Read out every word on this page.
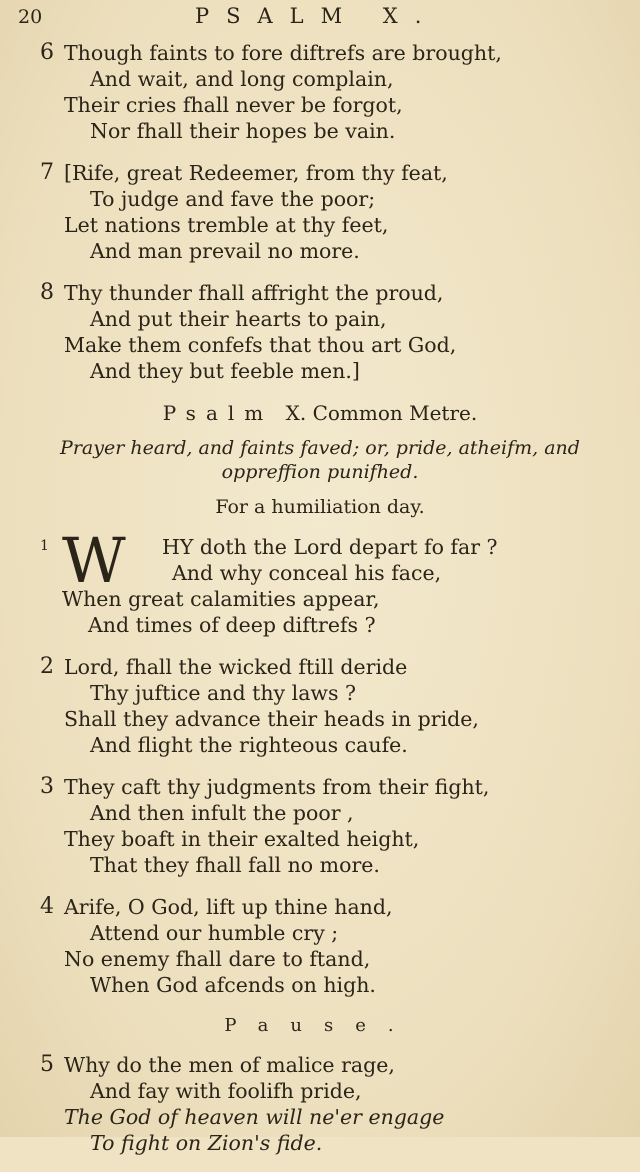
20	PSALM X.
6 Though faints to fore diftrefs are brought,
And wait, and long complain,
Their cries fhall never be forgot,
Nor fhall their hopes be vain.
7 [Rife, great Redeemer, from thy feat,
To judge and fave the poor;
Let nations tremble at thy feet,
And man prevail no more.
8 Thy thunder fhall affright the proud,
And put their hearts to pain,
Make them confefs that thou art God,
And they but feeble men.]
Psalm X. Common Metre.
Prayer heard, and faints faved; or, pride, atheifm, and oppreffion punifhed.
For a humiliation day.
1 W HY doth the Lord depart fo far ?
And why conceal his face,
When great calamities appear,
And times of deep diftrefs ?
2 Lord, fhall the wicked ftill deride
Thy juftice and thy laws ?
Shall they advance their heads in pride,
And flight the righteous caufe.
3 They caft thy judgments from their fight,
And then infult the poor ,
They boaft in their exalted height,
That they fhall fall no more.
4 Arife, O God, lift up thine hand,
Attend our humble cry ;
No enemy fhall dare to ftand,
When God afcends on high.
Pause.
5 Why do the men of malice rage,
And fay with foolifh pride,
The God of heaven will ne'er engage
To fight on Zion's fide.
